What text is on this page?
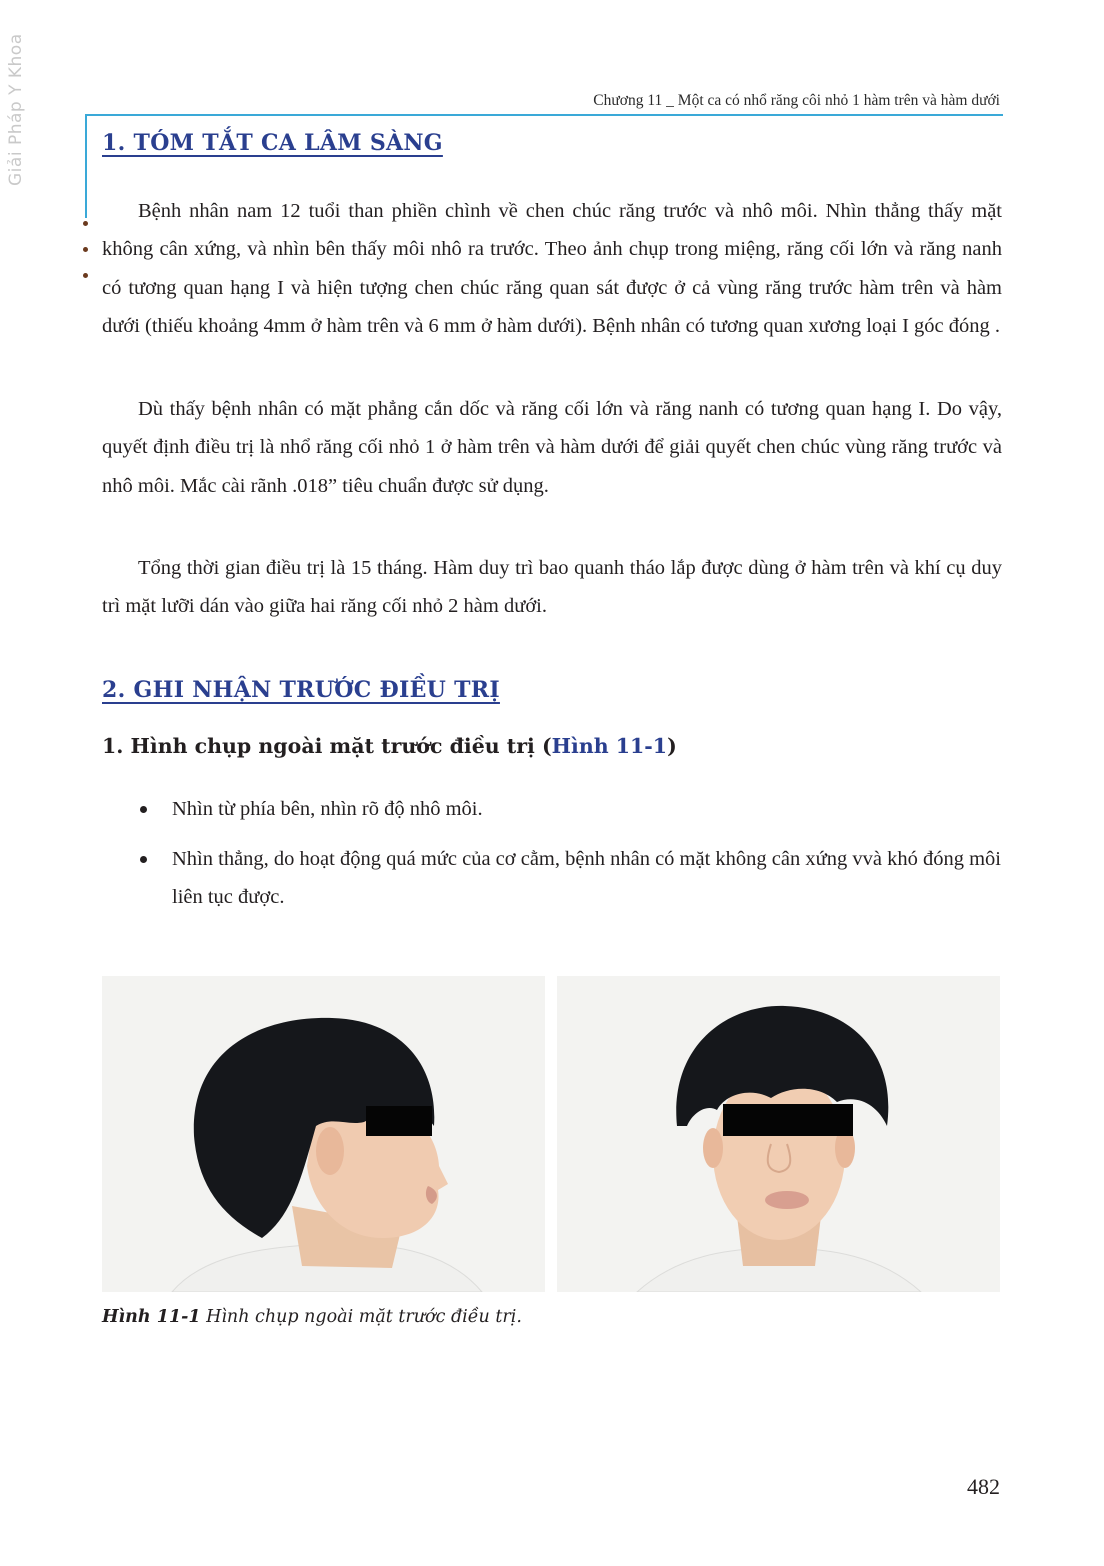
Giải Pháp Y Khoa	Chương 11 _ Một ca có nhổ răng côi nhỏ 1 hàm trên và hàm dưới
1. TÓM TẮT CA LÂM SÀNG

Bệnh nhân nam 12 tuổi than phiền chình về chen chúc răng trước và nhô môi. Nhìn thẳng thấy mặt không cân xứng, và nhìn bên thấy môi nhô ra trước. Theo ảnh chụp trong miệng, răng cối lớn và răng nanh có tương quan hạng I và hiện tượng chen chúc răng quan sát được ở cả vùng răng trước hàm trên và hàm dưới (thiếu khoảng 4mm ở hàm trên và 6 mm ở hàm dưới). Bệnh nhân có tương quan xương loại I góc đóng .

Dù thấy bệnh nhân có mặt phẳng cắn dốc và răng cối lớn và răng nanh có tương quan hạng I. Do vậy, quyết định điều trị là nhổ răng cối nhỏ 1 ở hàm trên và hàm dưới để giải quyết chen chúc vùng răng trước và nhô môi. Mắc cài rãnh .018” tiêu chuẩn được sử dụng.

Tổng thời gian điều trị là 15 tháng. Hàm duy trì bao quanh tháo lắp được dùng ở hàm trên và khí cụ duy trì mặt lưỡi dán vào giữa hai răng cối nhỏ 2 hàm dưới.

2. GHI NHẬN TRƯỚC ĐIỀU TRỊ
1. Hình chụp ngoài mặt trước điều trị (Hình 11-1)
Nhìn từ phía bên, nhìn rõ độ nhô môi.
Nhìn thẳng, do hoạt động quá mức của cơ cằm, bệnh nhân có mặt không cân xứng vvà khó đóng môi liên tục được.

Hình 11-1 Hình chụp ngoài mặt trước điều trị.

482
